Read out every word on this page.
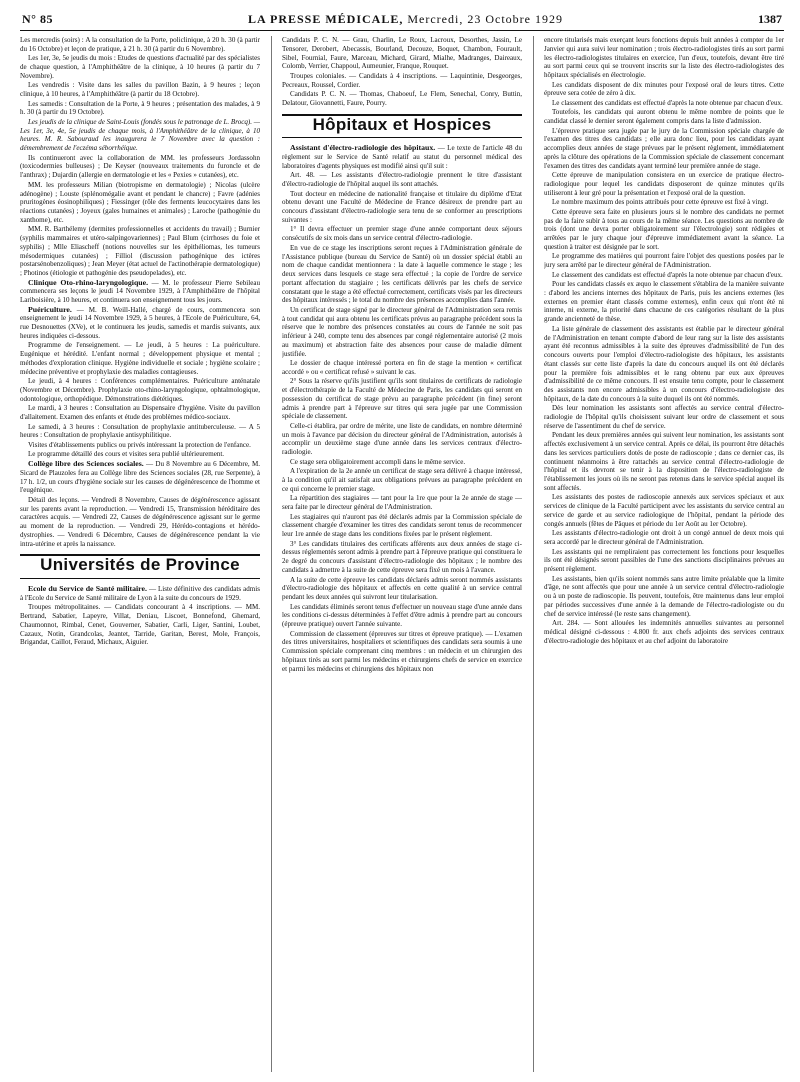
N° 85	LA PRESSE MÉDICALE, Mercredi, 23 Octobre 1929	1387

Les mercredis (soirs) : A la consultation de la Porte, policlinique, à 20 h. 30 (à partir du 16 Octobre) et leçon de pratique, à 21 h. 30 (à partir du 6 Novembre).

Les 1er, 3e, 5e jeudis du mois : Etudes de questions d'actualité par des spécialistes de chaque question, à l'Amphithéâtre de la clinique, à 10 heures (à partir du 7 Novembre).

Les vendredis : Visite dans les salles du pavillon Bazin, à 9 heures ; leçon clinique, à 10 heures, à l'Amphithéâtre (à partir du 18 Octobre).

Les samedis : Consultation de la Porte, à 9 heures ; présentation des malades, à 9 h. 30 (à partir du 19 Octobre).

Les jeudis de la clinique de Saint-Louis (fondés sous le patronage de L. Brocq). — Les 1er, 3e, 4e, 5e jeudis de chaque mois, à l'Amphithéâtre de la clinique, à 10 heures. M. R. Sabouraud les inaugurera le 7 Novembre avec la question : démembrement de l'eczéma séborrhéique.

Ils continueront avec la collaboration de MM. les professeurs Jordassohn (toxicodermies bulleuses) ; De Keyser (nouveaux traitements du furoncle et de l'anthrax) ; Dujardin (allergie en dermatologie et les « Pexies » cutanées), etc.

MM. les professeurs Milian (biotropisme en dermatologie) ; Nicolas (ulcère adénogène) ; Louste (splénomégalie avant et pendant le chancre) ; Favre (adénies pruritogènes éosinophiliques) ; Fiessinger (rôle des ferments leucocytaires dans les réactions cutanées) ; Joyeux (gales humaines et animales) ; Laroche (pathogénie du xanthome), etc.

MM. R. Barthélemy (dermites professionnelles et accidents du travail) ; Burnier (syphilis mammaires et utéro-salpingovariennes) ; Paul Blum (cirrhoses du foie et syphilis) ; Mlle Eliascheff (notions nouvelles sur les épithéliomas, les tumeurs mésodermiques cutanées) ; Filliol (discussion pathogénique des ictères postarsénobenzoliques) ; Jean Meyer (état actuel de l'actinothérapie dermatologique) ; Photinos (étiologie et pathogénie des pseudopelades), etc.

Clinique Oto-rhino-laryngologique. — M. le professeur Pierre Sebileau commencera ses leçons le jeudi 14 Novembre 1929, à l'Amphithéâtre de l'hôpital Lariboisière, à 10 heures, et continuera son enseignement tous les jours.

Puériculture. — M. B. Weill-Hallé, chargé de cours, commencera son enseignement le jeudi 14 Novembre 1929, à 5 heures, à l'Ecole de Puériculture, 64, rue Desnouettes (XVe), et le continuera les jeudis, samedis et mardis suivants, aux heures indiquées ci-dessous.

Programme de l'enseignement. — Le jeudi, à 5 heures : La puériculture. Eugénique et hérédité. L'enfant normal ; développement physique et mental ; méthodes d'exploration clinique. Hygiène individuelle et sociale ; hygiène scolaire ; médecine préventive et prophylaxie des maladies contagieuses.

Le jeudi, à 4 heures : Conférences complémentaires. Puériculture anténatale (Novembre et Décembre). Prophylaxie oto-rhino-laryngologique, ophtalmologique, odontologique, orthopédique. Démonstrations diététiques.

Le mardi, à 3 heures : Consultation au Dispensaire d'hygiène. Visite du pavillon d'allaitement. Examen des enfants et étude des problèmes médico-sociaux.

Le samedi, à 3 heures : Consultation de prophylaxie antituberculeuse. — A 5 heures : Consultation de prophylaxie antisyphilitique.

Visites d'établissements publics ou privés intéressant la protection de l'enfance.

Le programme détaillé des cours et visites sera publié ultérieurement.

Collège libre des Sciences sociales. — Du 8 Novembre au 6 Décembre, M. Sicard de Plauzoles fera au Collège libre des Sciences sociales (28, rue Serpente), à 17 h. 1/2, un cours d'hygiène sociale sur les causes de dégénérescence de l'homme et l'eugénique.

Détail des leçons. — Vendredi 8 Novembre, Causes de dégénérescence agissant sur les parents avant la reproduction. — Vendredi 15, Transmission héréditaire des caractères acquis. — Vendredi 22, Causes de dégénérescence agissant sur le germe au moment de la reproduction. — Vendredi 29, Hérédo-contagions et hérédo-dystrophies. — Vendredi 6 Décembre, Causes de dégénérescence pendant la vie intra-utérine et après la naissance.

Universités de Province

Ecole du Service de Santé militaire. — Liste définitive des candidats admis à l'Ecole du Service de Santé militaire de Lyon à la suite du concours de 1929.

Troupes métropolitaines. — Candidats concourant à 4 inscriptions. — MM. Bertrand, Sabatier, Lapeyre, Villat, Deniau, Liscoet, Bonnefond, Ghemard, Chaumonnot, Rimbal, Cenet, Gouverner, Sabatier, Carli, Liger, Santini, Loubet, Cazaux, Notin, Grandcolas, Jeantet, Tarride, Garitan, Berest, Mole, François, Brigandat, Caillot, Feraud, Michaux, Aiguier.

Candidats P. C. N. — Grau, Charlin, Le Roux, Lacroux, Desorthes, Jassin, Le Tensorer, Derobert, Abecassis, Bourland, Decouze, Boquet, Chambon, Fourault, Sibel, Fournial, Faure, Marceau, Michard, Girard, Mialhe, Madranges, Daireaux, Colomb, Verrier, Chappoul, Aumeunier, Franque, Rouquet.

Troupes coloniales. — Candidats à 4 inscriptions. — Laquintinie, Desgeorges, Pecreaux, Roussel, Cordier.

Candidats P. C. N. — Thomas, Chaboeuf, Le Flem, Senechal, Conry, Buttin, Delatour, Giovannetti, Faure, Pourry.

Hôpitaux et Hospices

Assistant d'électro-radiologie des hôpitaux. — Le texte de l'article 48 du règlement sur le Service de Santé relatif au statut du personnel médical des laboratoires d'agents physiques est modifié ainsi qu'il suit :

Art. 48. — Les assistants d'électro-radiologie prennent le titre d'assistant d'électro-radiologie de l'hôpital auquel ils sont attachés.

Tout docteur en médecine de nationalité française et titulaire du diplôme d'Etat obtenu devant une Faculté de Médecine de France désireux de prendre part au concours d'assistant d'électro-radiologie sera tenu de se conformer au prescriptions suivantes :

1° Il devra effectuer un premier stage d'une année comportant deux séjours consécutifs de six mois dans un service central d'électro-radiologie.

En vue de ce stage les inscriptions seront reçues à l'Administration générale de l'Assistance publique (bureau du Service de Santé) où un dossier spécial établi au nom de chaque candidat mentionnera : la date à laquelle commence le stage ; les deux services dans lesquels ce stage sera effectué ; la copie de l'ordre de service portant affectation du stagiaire ; les certificats délivrés par les chefs de service constatant que le stage a été effectué correctement, certificats visés par les directeurs des hôpitaux intéressés ; le total du nombre des présences accomplies dans l'année.

Un certificat de stage signé par le directeur général de l'Administration sera remis à tout candidat qui aura obtenu les certificats prévus au paragraphe précédent sous la réserve que le nombre des présences constatées au cours de l'année ne soit pas inférieur à 240, compte tenu des absences par congé réglementaire autorisé (2 mois au maximum) et abstraction faite des absences pour cause de maladie dûment justifiée.

Le dossier de chaque intéressé portera en fin de stage la mention « certificat accordé » ou « certificat refusé » suivant le cas.

2° Sous la réserve qu'ils justifient qu'ils sont titulaires de certificats de radiologie et d'électrothérapie de la Faculté de Médecine de Paris, les candidats qui seront en possession du certificat de stage prévu au paragraphe précédent (in fine) seront admis à prendre part à l'épreuve sur titres qui sera jugée par une Commission spéciale de classement.

Celle-ci établira, par ordre de mérite, une liste de candidats, en nombre déterminé un mois à l'avance par décision du directeur général de l'Administration, autorisés à accomplir un deuxième stage d'une année dans les services centraux d'électro-radiologie.

Ce stage sera obligatoirement accompli dans le même service.

A l'expiration de la 2e année un certificat de stage sera délivré à chaque intéressé, à la condition qu'il ait satisfait aux obligations prévues au paragraphe précédent en ce qui concerne le premier stage.

La répartition des stagiaires — tant pour la 1re que pour la 2e année de stage — sera faite par le directeur général de l'Administration.

Les stagiaires qui n'auront pas été déclarés admis par la Commission spéciale de classement chargée d'examiner les titres des candidats seront tenus de recommencer leur 1re année de stage dans les conditions fixées par le présent règlement.

3° Les candidats titulaires des certificats afférents aux deux années de stage ci-dessus réglementés seront admis à prendre part à l'épreuve pratique qui constituera le 2e degré du concours d'assistant d'électro-radiologie des hôpitaux ; le nombre des candidats à admettre à la suite de cette épreuve sera fixé un mois à l'avance.

A la suite de cette épreuve les candidats déclarés admis seront nommés assistants d'électro-radiologie des hôpitaux et affectés en cette qualité à un service central pendant les deux années qui suivront leur titularisation.

Les candidats éliminés seront tenus d'effectuer un nouveau stage d'une année dans les conditions ci-dessus déterminées à l'effet d'être admis à prendre part au concours (épreuve pratique) ouvert l'année suivante.

Commission de classement (épreuves sur titres et épreuve pratique). — L'examen des titres universitaires, hospitaliers et scientifiques des candidats sera soumis à une Commission spéciale comprenant cinq membres : un médecin et un chirurgien des hôpitaux tirés au sort parmi les médecins et chirurgiens chefs de service en exercice et parmi les médecins et chirurgiens des hôpitaux non

encore titularisés mais exerçant leurs fonctions depuis huit années à compter du 1er Janvier qui aura suivi leur nomination ; trois électro-radiologistes tirés au sort parmi les électro-radiologistes titulaires en exercice, l'un d'eux, toutefois, devant être tiré au sort parmi ceux qui se trouvent inscrits sur la liste des électro-radiologistes des hôpitaux spécialisés en électrologie.

Les candidats disposent de dix minutes pour l'exposé oral de leurs titres. Cette épreuve sera cotée de zéro à dix.

Le classement des candidats est effectué d'après la note obtenue par chacun d'eux.

Toutefois, les candidats qui auront obtenu le même nombre de points que le candidat classé le dernier seront également compris dans la liste d'admission.

L'épreuve pratique sera jugée par le jury de la Commission spéciale chargée de l'examen des titres des candidats ; elle aura donc lieu, pour les candidats ayant accomplies deux années de stage prévues par le présent règlement, immédiatement après la clôture des opérations de la Commission spéciale de classement concernant l'examen des titres des candidats ayant terminé leur première année de stage.

Cette épreuve de manipulation consistera en un exercice de pratique électro-radiologique pour lequel les candidats disposeront de quinze minutes qu'ils utiliseront à leur gré pour la présentation et l'exposé oral de la question.

Le nombre maximum des points attribués pour cette épreuve est fixé à vingt.

Cette épreuve sera faite en plusieurs jours si le nombre des candidats ne permet pas de la faire subir à tous au cours de la même séance. Les questions au nombre de trois (dont une devra porter obligatoirement sur l'électrologie) sont rédigées et arrêtées par le jury chaque jour d'épreuve immédiatement avant la séance. La question à traiter est désignée par le sort.

Le programme des matières qui pourront faire l'objet des questions posées par le jury sera arrêté par le directeur général de l'Administration.

Le classement des candidats est effectué d'après la note obtenue par chacun d'eux.

Pour les candidats classés ex æquo le classement s'établira de la manière suivante : d'abord les anciens internes des hôpitaux de Paris, puis les anciens externes (les externes en premier étant classés comme externes), enfin ceux qui n'ont été ni interne, ni externe, la priorité dans chacune de ces catégories résultant de la plus grande ancienneté de thèse.

La liste générale de classement des assistants est établie par le directeur général de l'Administration en tenant compte d'abord de leur rang sur la liste des assistants ayant été reconnus admissibles à la suite des épreuves d'admissibilité de l'un des concours ouverts pour l'emploi d'électro-radiologiste des hôpitaux, les assistants étant classés sur cette liste d'après la date du concours auquel ils ont été déclarés pour la première fois admissibles et le rang obtenu par eux aux épreuves d'admissibilité de ce même concours. Il est ensuite tenu compte, pour le classement des assistants non encore admissibles à un concours d'électro-radiologiste des hôpitaux, de la date du concours à la suite duquel ils ont été nommés.

Dès leur nomination les assistants sont affectés au service central d'électro-radiologie de l'hôpital qu'ils choisissent suivant leur ordre de classement et sous réserve de l'assentiment du chef de service.

Pendant les deux premières années qui suivent leur nomination, les assistants sont affectés exclusivement à un service central. Après ce délai, ils pourront être détachés dans les services particuliers dotés de poste de radioscopie ; dans ce dernier cas, ils continuent néanmoins à être rattachés au service central d'électro-radiologie de l'hôpital et ils devront se tenir à la disposition de l'électro-radiologiste de l'établissement les jours où ils ne seront pas retenus dans le service spécial auquel ils sont affectés.

Les assistants des postes de radioscopie annexés aux services spéciaux et aux services de clinique de la Faculté participent avec les assistants du service central au service de garde et au service radiologique de l'hôpital, pendant la période des congés annuels (fêtes de Pâques et période du 1er Août au 1er Octobre).

Les assistants d'électro-radiologie ont droit à un congé annuel de deux mois qui sera accordé par le directeur général de l'Administration.

Les assistants qui ne rempliraient pas correctement les fonctions pour lesquelles ils ont été désignés seront passibles de l'une des sanctions disciplinaires prévues au présent règlement.

Les assistants, bien qu'ils soient nommés sans autre limite préalable que la limite d'âge, ne sont affectés que pour une année à un service central d'électro-radiologie ou à un poste de radioscopie. Ils peuvent, toutefois, être maintenus dans leur emploi par périodes successives d'une année à la demande de l'électro-radiologiste ou du chef de service intéressé (le reste sans changement).

Art. 284. — Sont allouées les indemnités annuelles suivantes au personnel médical désigné ci-dessous : 4.800 fr. aux chefs adjoints des services centraux d'électro-radiologie des hôpitaux et au chef adjoint du laboratoire
